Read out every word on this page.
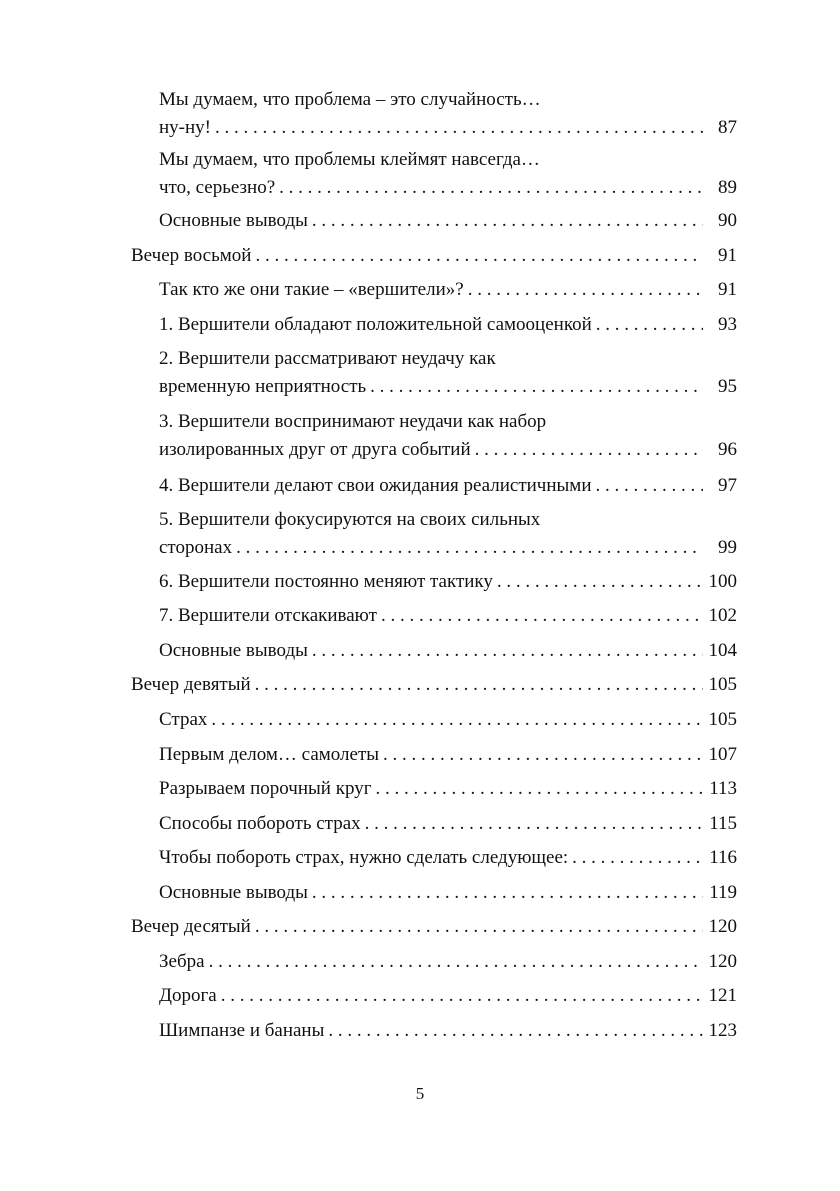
Мы думаем, что проблема – это случайность…
ну-ну! . . .	87
Мы думаем, что проблемы клеймят навсегда…
что, серьезно? . . .	89
Основные выводы . . .	90
Вечер восьмой . . .	91
Так кто же они такие – «вершители»? . . .	91
1. Вершители обладают положительной самооценкой . . .	93
2. Вершители рассматривают неудачу как
временную неприятность . . .	95
3. Вершители воспринимают неудачи как набор
изолированных друг от друга событий . . .	96
4. Вершители делают свои ожидания реалистичными . . .	97
5. Вершители фокусируются на своих сильных
сторонах . . .	99
6. Вершители постоянно меняют тактику . . .	100
7. Вершители отскакивают . . .	102
Основные выводы . . .	104
Вечер девятый . . .	105
Страх . . .	105
Первым делом… самолеты . . .	107
Разрываем порочный круг . . .	113
Способы побороть страх . . .	115
Чтобы побороть страх, нужно сделать следующее: . . .	116
Основные выводы . . .	119
Вечер десятый . . .	120
Зебра . . .	120
Дорога . . .	121
Шимпанзе и бананы . . .	123
5
